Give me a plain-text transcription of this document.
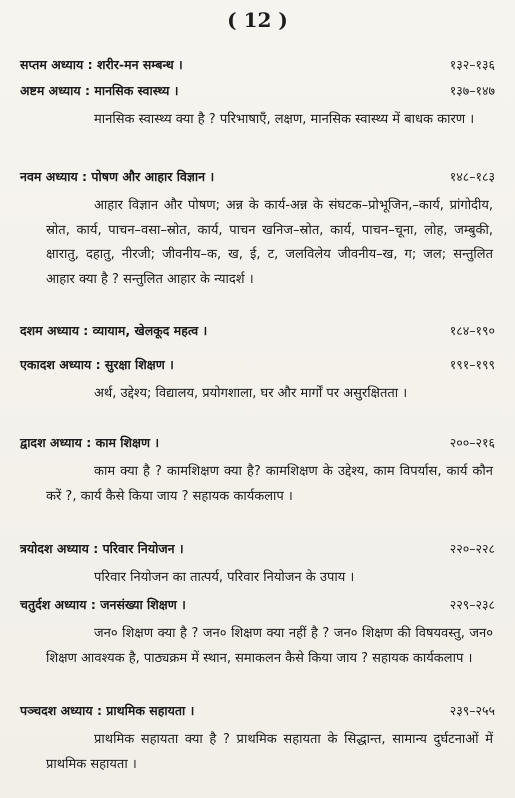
( 12 )
सप्तम अध्याय : शरीर-मन सम्बन्ध ।	१३२–१३६
अष्टम अध्याय : मानसिक स्वास्थ्य ।	१३७–१४७
मानसिक स्वास्थ्य क्या है ? परिभाषाएँ, लक्षण, मानसिक स्वास्थ्य में बाधक कारण ।
नवम अध्याय : पोषण और आहार विज्ञान ।	१४८–१८३
आहार विज्ञान और पोषण; अन्न के कार्य-अन्न के संघटक–प्रोभूजिन,–कार्य, प्रांगोदीय, स्रोत, कार्य, पाचन–वसा–स्रोत, कार्य, पाचन खनिज–स्रोत, कार्य, पाचन–चूना, लोह, जम्बुकी, क्षारातु, दहातु, नीरजी; जीवनीय–क, ख, ई, ट, जलविलेय जीवनीय–ख, ग; जल; सन्तुलित आहार क्या है ? सन्तुलित आहार के न्यादर्श ।
दशम अध्याय : व्यायाम, खेलकूद महत्व ।	१८४–१९०
एकादश अध्याय : सुरक्षा शिक्षण ।	१९१–१९९
अर्थ, उद्देश्य; विद्यालय, प्रयोगशाला, घर और मार्गों पर असुरक्षितता ।
द्वादश अध्याय : काम शिक्षण ।	२००–२१६
काम क्या है ? कामशिक्षण क्या है? कामशिक्षण के उद्देश्य, काम विपर्यास, कार्य कौन करें ?, कार्य कैसे किया जाय ? सहायक कार्यकलाप ।
त्रयोदश अध्याय : परिवार नियोजन ।	२२०–२२८
परिवार नियोजन का तात्पर्य, परिवार नियोजन के उपाय ।
चतुर्दश अध्याय : जनसंख्या शिक्षण ।	२२९–२३८
जन० शिक्षण क्या है ? जन० शिक्षण क्या नहीं है ? जन० शिक्षण की विषयवस्तु, जन० शिक्षण आवश्यक है, पाठ्यक्रम में स्थान, समाकलन कैसे किया जाय ? सहायक कार्यकलाप ।
पञ्चदश अध्याय : प्राथमिक सहायता ।	२३९–२५५
प्राथमिक सहायता क्या है ? प्राथमिक सहायता के सिद्धान्त, सामान्य दुर्घटनाओं में प्राथमिक सहायता ।
